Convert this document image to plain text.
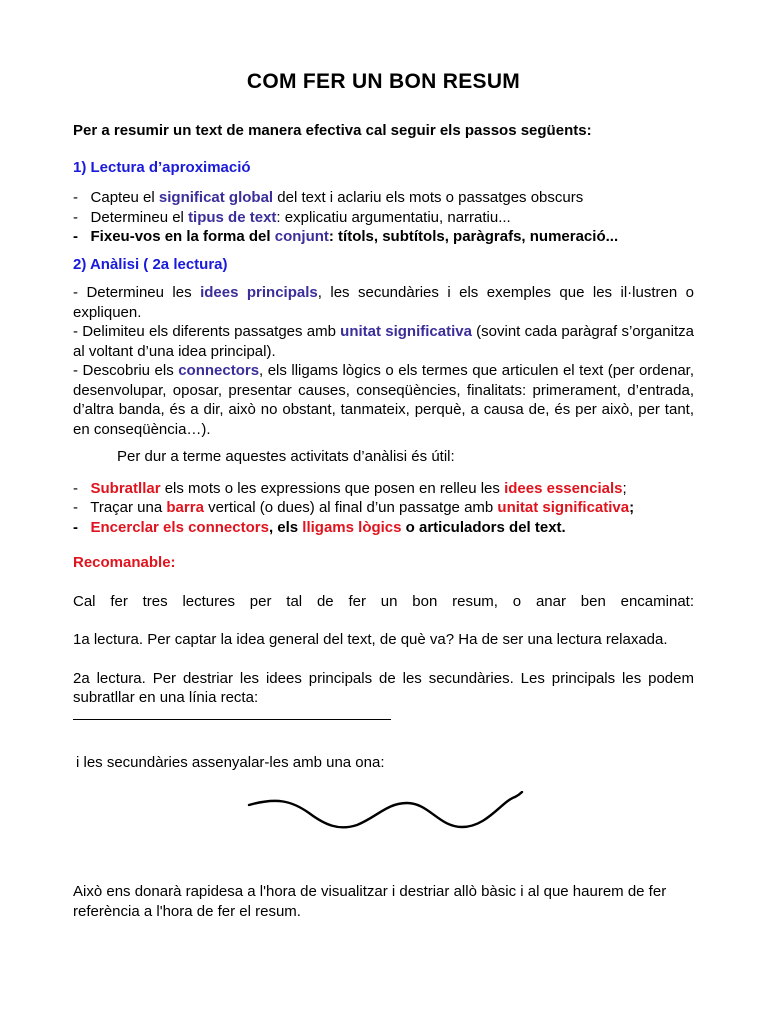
COM FER UN BON RESUM

Per a resumir un text de manera efectiva cal seguir els passos següents:

1) Lectura d’aproximació

- Capteu el significat global del text i aclariu els mots o passatges obscurs
- Determineu el tipus de text: explicatiu argumentatiu, narratiu...
- Fixeu-vos en la forma del conjunt: títols, subtítols, paràgrafs, numeració...

2) Anàlisi ( 2a lectura)

- Determineu les idees principals, les secundàries i els exemples que les il·lustren o expliquen.

- Delimiteu els diferents passatges amb unitat significativa (sovint cada paràgraf s’organitza al voltant d’una idea principal).

- Descobriu els connectors, els lligams lògics o els termes que articulen el text (per ordenar, desenvolupar, oposar, presentar causes, conseqüències, finalitats: primerament, d’entrada, d’altra banda, és a dir, això no obstant, tanmateix, perquè, a causa de, és per això, per tant, en conseqüència…).

Per dur a terme aquestes activitats d’anàlisi és útil:

- Subratllar els mots o les expressions que posen en relleu les idees essencials;
- Traçar una barra vertical (o dues) al final d’un passatge amb unitat significativa;
- Encerclar els connectors, els lligams lògics o articuladors del text.

Recomanable:

Cal fer tres lectures per tal de fer un bon resum, o anar ben encaminat:

1a lectura. Per captar la idea general del text, de què va? Ha de ser una lectura relaxada.

2a lectura. Per destriar les idees principals de les secundàries. Les principals les podem subratllar en una línia recta:

i les secundàries assenyalar-les amb una ona:

Això ens donarà rapidesa a l'hora de visualitzar i destriar allò bàsic i al que haurem de fer referència a l'hora de fer el resum.
